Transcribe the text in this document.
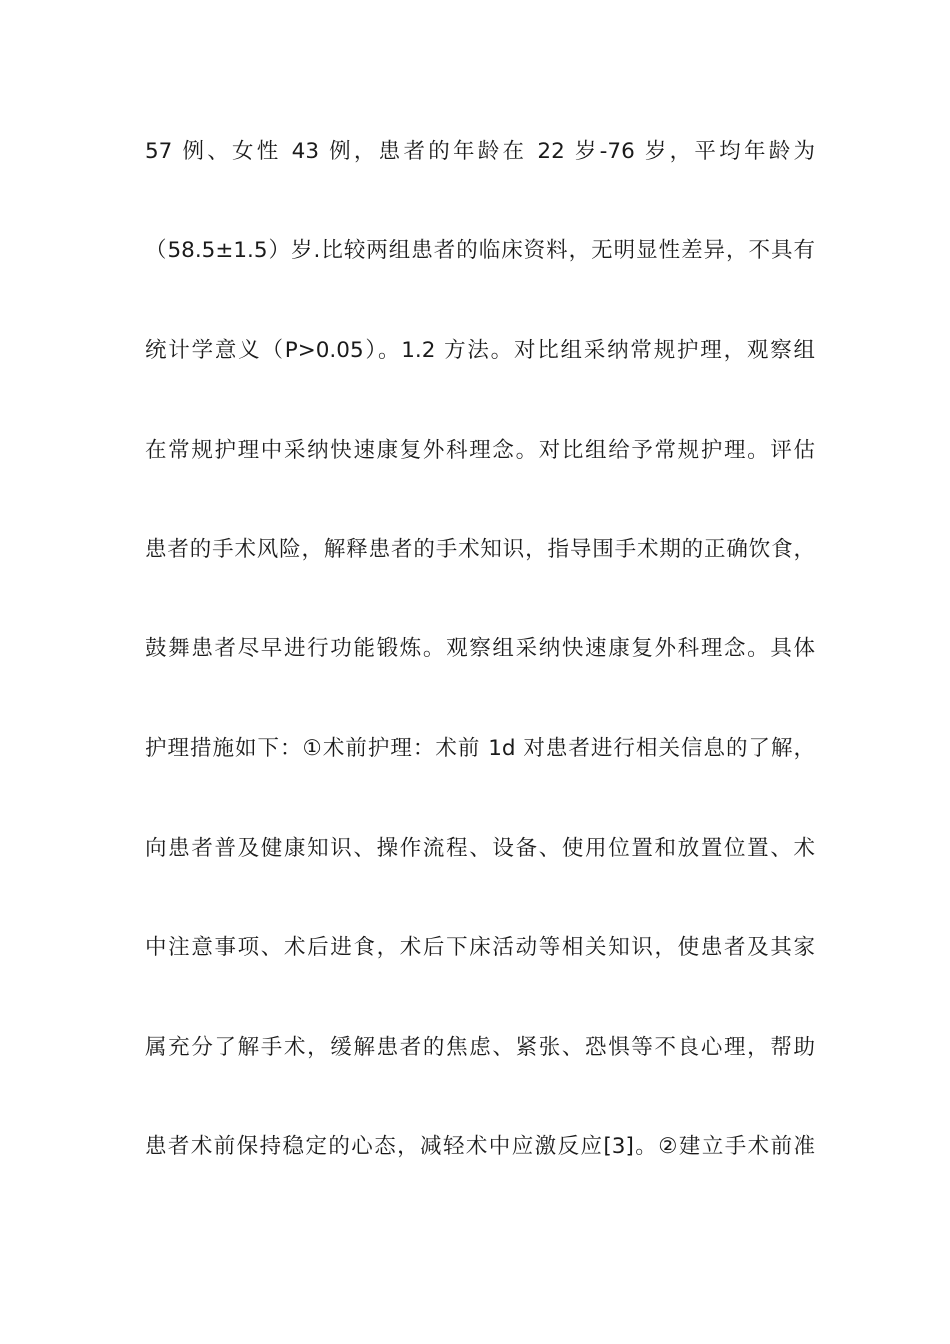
57 例、女性 43 例，患者的年龄在 22 岁-76 岁，平均年龄为
（58.5±1.5）岁.比较两组患者的临床资料，无明显性差异，不具有
统计学意义（P>0.05）。1.2 方法。对比组采纳常规护理，观察组
在常规护理中采纳快速康复外科理念。对比组给予常规护理。评估
患者的手术风险，解释患者的手术知识，指导围手术期的正确饮食，
鼓舞患者尽早进行功能锻炼。观察组采纳快速康复外科理念。具体
护理措施如下：①术前护理：术前 1d 对患者进行相关信息的了解，
向患者普及健康知识、操作流程、设备、使用位置和放置位置、术
中注意事项、术后进食，术后下床活动等相关知识，使患者及其家
属充分了解手术，缓解患者的焦虑、紧张、恐惧等不良心理，帮助
患者术前保持稳定的心态，减轻术中应激反应[3]。②建立手术前准
